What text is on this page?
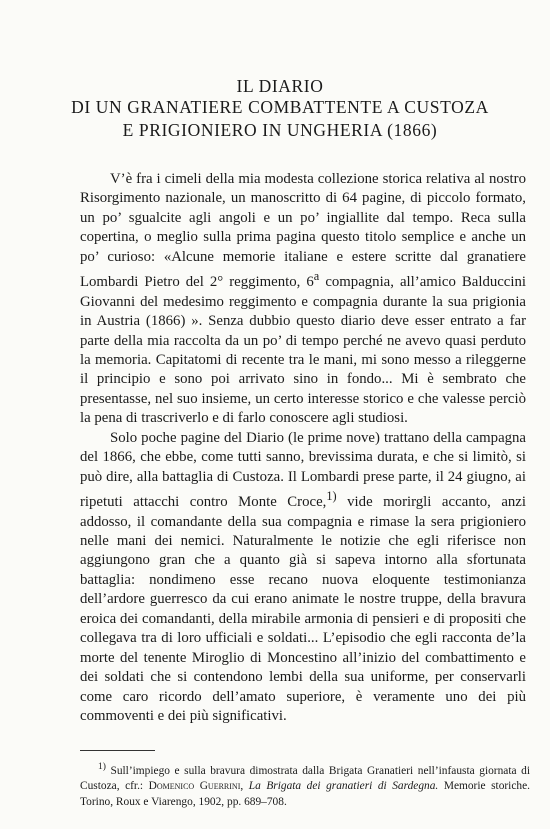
IL DIARIO
DI UN GRANATIERE COMBATTENTE A CUSTOZA
E PRIGIONIERO IN UNGHERIA (1866)

V’è fra i cimeli della mia modesta collezione storica relativa al nostro Risorgimento nazionale, un manoscritto di 64 pagine, di piccolo formato, un po’ sgualcite agli angoli e un po’ ingiallite dal tempo. Reca sulla copertina, o meglio sulla prima pagina questo titolo semplice e anche un po’ curioso: «Alcune memorie italiane e estere scritte dal granatiere Lombardi Pietro del 2° reggimento, 6$^a$ compagnia, all’amico Balduccini Giovanni del medesimo reggimento e compagnia durante la sua prigionia in Austria (1866) ». Senza dubbio questo diario deve esser entrato a far parte della mia raccolta da un po’ di tempo perché ne avevo quasi perduto la memoria. Capitatomi di recente tra le mani, mi sono messo a rileggerne il principio e sono poi arrivato sino in fondo... Mi è sembrato che presentasse, nel suo insieme, un certo interesse storico e che valesse perciò la pena di trascriverlo e di farlo conoscere agli studiosi.

Solo poche pagine del Diario (le prime nove) trattano della campagna del 1866, che ebbe, come tutti sanno, brevissima durata, e che si limitò, si può dire, alla battaglia di Custoza. Il Lombardi prese parte, il 24 giugno, ai ripetuti attacchi contro Monte Croce,$^{1)}$ vide morirgli accanto, anzi addosso, il comandante della sua compagnia e rimase la sera prigioniero nelle mani dei nemici. Naturalmente le notizie che egli riferisce non aggiungono gran che a quanto già si sapeva intorno alla sfortunata battaglia: nondimeno esse recano nuova eloquente testimonianza dell’ardore guerresco da cui erano animate le nostre truppe, della bravura eroica dei comandanti, della mirabile armonia di pensieri e di propositi che collegava tra di loro ufficiali e soldati... L’episodio che egli racconta de’la morte del tenente Miroglio di Moncestino all’inizio del combattimento e dei soldati che si contendono lembi della sua uniforme, per conservarli come caro ricordo dell’amato superiore, è veramente uno dei più commoventi e dei più significativi.

$^{1)}$ Sull’impiego e sulla bravura dimostrata dalla Brigata Granatieri nell’infausta giornata di Custoza, cfr.: Domenico Guerrini, La Brigata dei granatieri di Sardegna. Memorie storiche. Torino, Roux e Viarengo, 1902, pp. 689–708.
